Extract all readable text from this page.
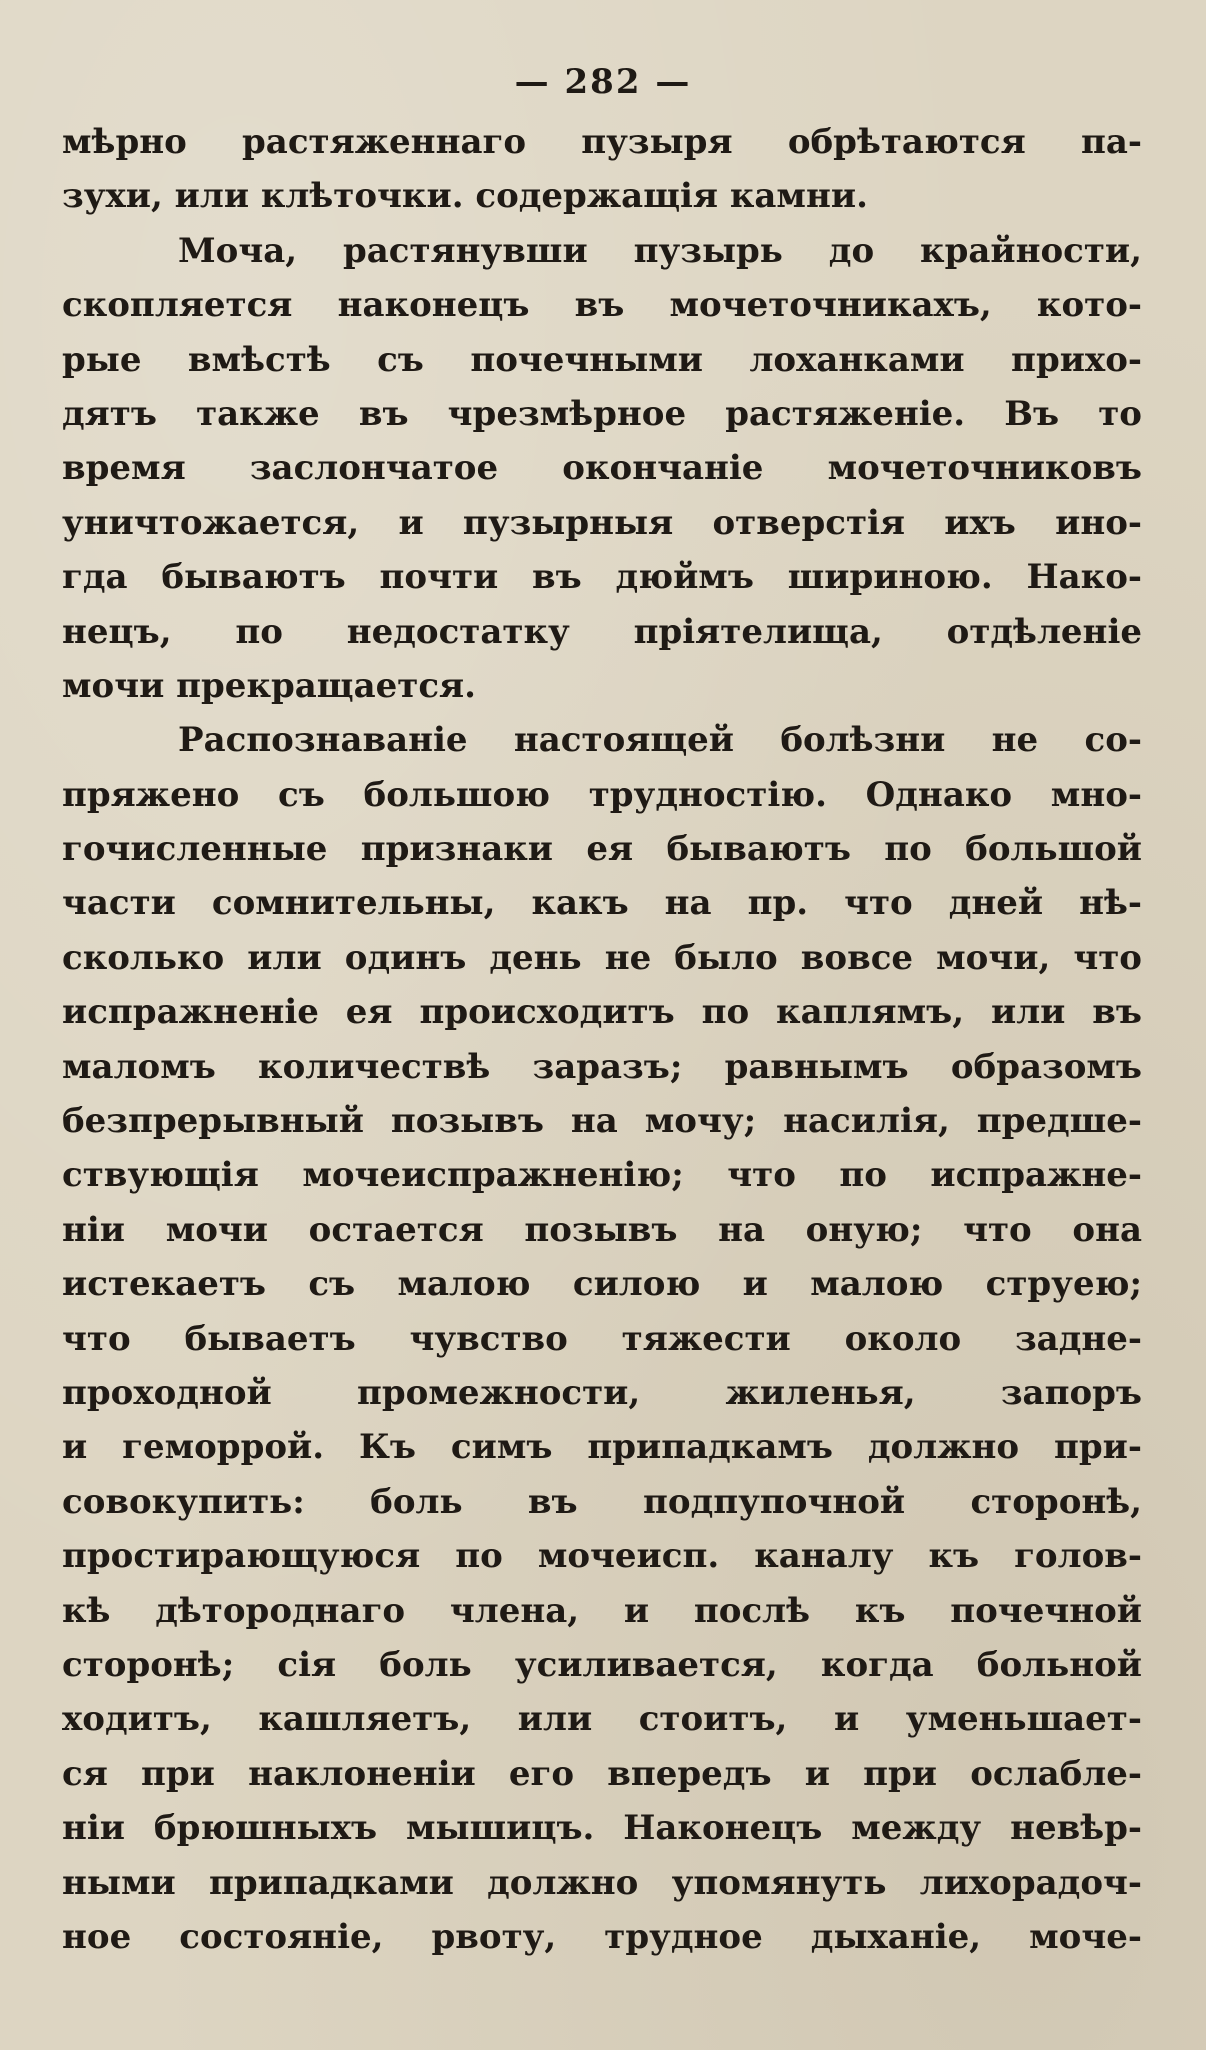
— 282 —
мѣрно растяженнаго пузыря обрѣтаются па-
зухи, или клѣточки. содержащія камни.
Моча, растянувши пузырь до крайности,
скопляется наконецъ въ мочеточникахъ, кото-
рые вмѣстѣ съ почечными лоханками прихо-
дятъ также въ чрезмѣрное растяженіе. Въ то
время заслончатое окончаніе мочеточниковъ
уничтожается, и пузырныя отверстія ихъ ино-
гда бываютъ почти въ дюймъ шириною. Нако-
нецъ, по недостатку пріятелища, отдѣленіе
мочи прекращается.
Распознаваніе настоящей болѣзни не со-
пряжено съ большою трудностію. Однако мно-
гочисленные признаки ея бываютъ по большой
части сомнительны, какъ на пр. что дней нѣ-
сколько или одинъ день не было вовсе мочи, что
испражненіе ея происходитъ по каплямъ, или въ
маломъ количествѣ заразъ; равнымъ образомъ
безпрерывный позывъ на мочу; насилія, предше-
ствующія мочеиспражненію; что по испражне-
ніи мочи остается позывъ на оную; что она
истекаетъ съ малою силою и малою струею;
что бываетъ чувство тяжести около задне-
проходной промежности, жиленья, запоръ
и геморрой. Къ симъ припадкамъ должно при-
совокупить: боль въ подпупочной сторонѣ,
простирающуюся по мочеисп. каналу къ голов-
кѣ дѣтороднаго члена, и послѣ къ почечной
сторонѣ; сія боль усиливается, когда больной
ходитъ, кашляетъ, или стоитъ, и уменьшает-
ся при наклоненіи его впередъ и при ослабле-
ніи брюшныхъ мышицъ. Наконецъ между невѣр-
ными припадками должно упомянуть лихорадоч-
ное состояніе, рвоту, трудное дыханіе, моче-
